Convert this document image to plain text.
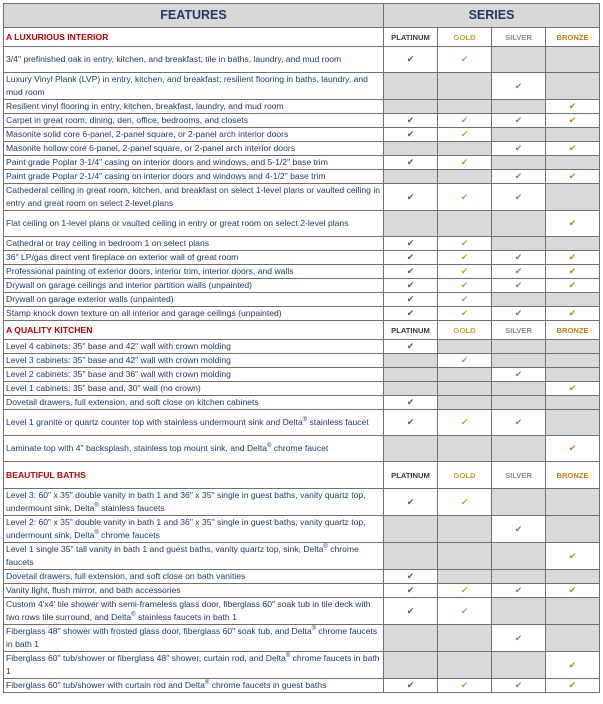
FEATURES	SERIES			
A LUXURIOUS INTERIOR	PLATINUM	GOLD	SILVER	BRONZE
3/4" prefinished oak in entry, kitchen, and breakfast; tile in baths, laundry, and mud room	✔	✔		
Luxury Vinyl Plank (LVP) in entry, kitchen, and breakfast; resilient flooring in baths, laundry, and mud room			✔	
Resilient vinyl flooring in entry, kitchen, breakfast, laundry, and mud room				✔
Carpet in great room, dining, den, office, bedrooms, and closets	✔	✔	✔	✔
Masonite solid core 6-panel, 2-panel square, or 2-panel arch interior doors	✔	✔		
Masonite hollow core 6-panel, 2-panel square, or 2-panel arch interior doors			✔	✔
Paint grade Poplar 3-1/4" casing on interior doors and windows, and 5-1/2" base trim	✔	✔		
Paint grade Poplar 2-1/4" casing on interior doors and windows and 4-1/2" base trim			✔	✔
Cathederal ceiling in great room, kitchen, and breakfast on select 1-level plans or vaulted ceiling in entry and great room on select 2-level plans	✔	✔	✔	
Flat ceiling on 1-level plans or vaulted ceiling in entry or great room on select 2-level plans				✔
Cathedral or tray ceiling in bedroom 1 on select plans	✔	✔		
36" LP/gas direct vent fireplace on exterior wall of great room	✔	✔	✔	✔
Professional painting of exterior doors, interior trim, interior doors, and walls	✔	✔	✔	✔
Drywall on garage ceilings and interior partition walls (unpainted)	✔	✔	✔	✔
Drywall on garage exterior walls (unpainted)	✔	✔		
Stamp knock down texture on all interior and garage ceilings (unpainted)	✔	✔	✔	✔
A QUALITY KITCHEN	PLATINUM	GOLD	SILVER	BRONZE
Level 4 cabinets: 35" base and 42" wall with crown molding	✔			
Level 3 cabinets: 35" base and 42" wall with crown molding		✔		
Level 2 cabinets: 35" base and 36" wall with crown molding			✔	
Level 1 cabinets: 35" base and, 30" wall (no crown)				✔
Dovetail drawers, full extension, and soft close on kitchen cabinets	✔			
Level 1 granite or quartz counter top with stainless undermount sink and Delta® stainless faucet	✔	✔	✔	
Laminate top with 4" backsplash, stainless top mount sink, and Delta® chrome faucet				✔
BEAUTIFUL BATHS	PLATINUM	GOLD	SILVER	BRONZE
Level 3: 60" x 35" double vanity in bath 1 and 36" x 35" single in guest baths, vanity quartz top, undermount sink, Delta® stainless faucets	✔	✔		
Level 2: 60" x 35" double vanity in bath 1 and 36" x 35" single in guest baths, vanity quartz top, undermount sink, Delta® chrome faucets			✔	
Level 1 single 35" tall vanity in bath 1 and guest baths, vanity quartz top, sink, Delta® chrome faucets				✔
Dovetail drawers, full extension, and soft close on bath vanities	✔			
Vanity light, flush mirror, and bath accessories	✔	✔	✔	✔
Custom 4'x4' tile shower with semi-frameless glass door, fiberglass 60" soak tub in tile deck with two rows tile surround, and Delta® stainless faucets in bath 1	✔	✔		
Fiberglass 48" shower with frosted glass door, fiberglass 60" soak tub, and Delta® chrome faucets in bath 1			✔	
Fiberglass 60" tub/shower or fiberglass 48" shower, curtain rod, and Delta® chrome faucets in bath 1				✔
Fiberglass 60" tub/shower with curtain rod and Delta® chrome faucets in guest baths	✔	✔	✔	✔
